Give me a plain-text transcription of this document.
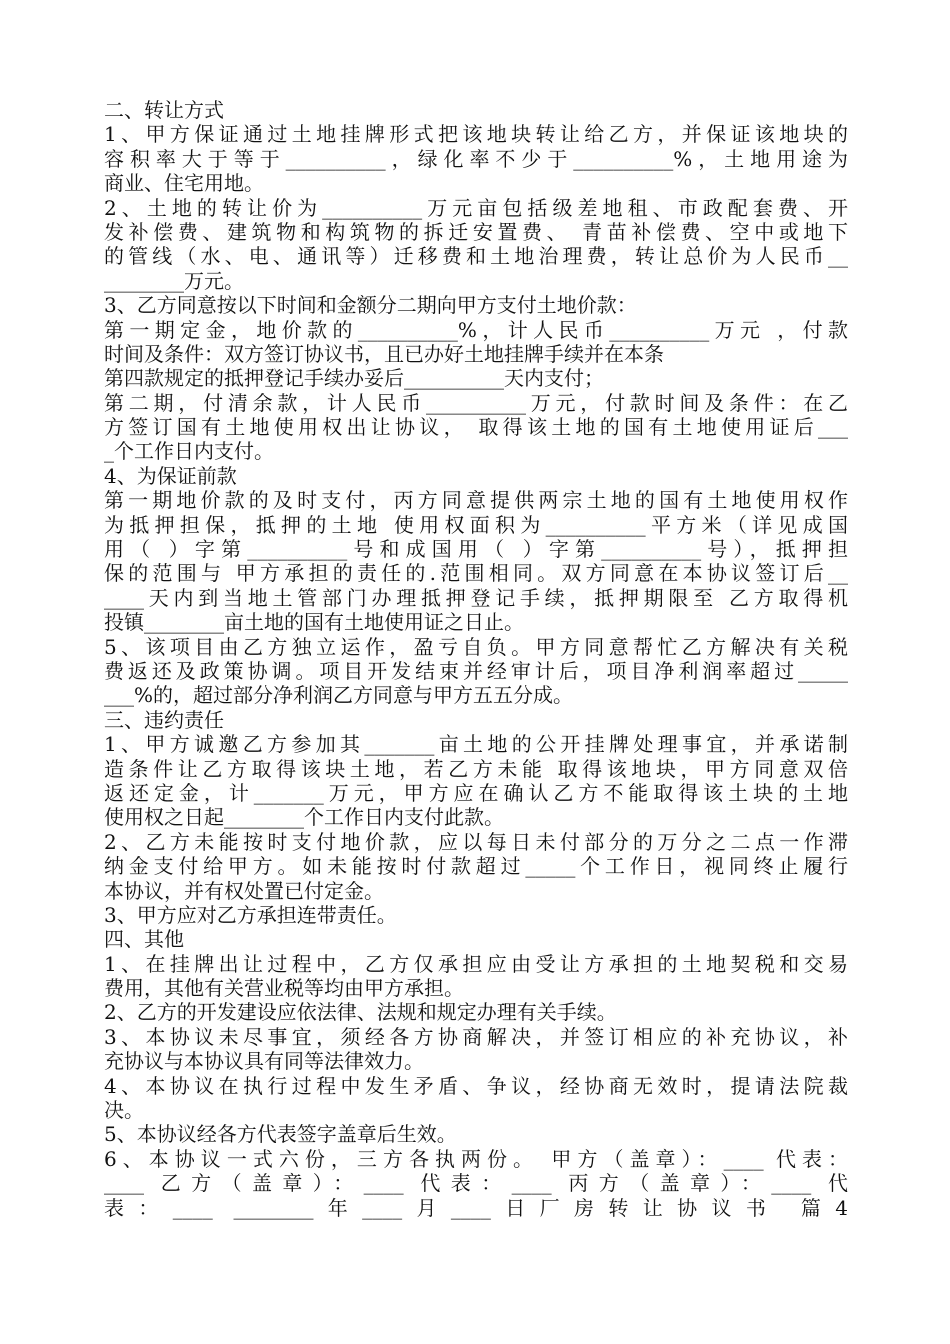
二、转让方式
1、甲方保证通过土地挂牌形式把该地块转让给乙方，并保证该地块的
容积率大于等于__________，绿化率不少于__________%，土地用途为
商业、住宅用地。
2、土地的转让价为__________万元亩包括级差地租、市政配套费、开
发补偿费、建筑物和构筑物的拆迁安置费、 青苗补偿费、空中或地下
的管线（水、电、通讯等）迁移费和土地治理费，转让总价为人民币__
________万元。
3、乙方同意按以下时间和金额分二期向甲方支付土地价款：
第一期定金，地价款的__________%，计人民币__________万元 ，付款
时间及条件：双方签订协议书，且已办好土地挂牌手续并在本条
第四款规定的抵押登记手续办妥后__________天内支付；
第二期，付清余款，计人民币__________万元，付款时间及条件：在乙
方签订国有土地使用权出让协议， 取得该土地的国有土地使用证后___
_个工作日内支付。
4、为保证前款
第一期地价款的及时支付，丙方同意提供两宗土地的国有土地使用权作
为抵押担保，抵押的土地 使用权面积为__________平方米（详见成国
用（ ）字第__________号和成国用（ ）字第__________号），抵押担
保的范围与 甲方承担的责任的.范围相同。双方同意在本协议签订后__
____天内到当地土管部门办理抵押登记手续，抵押期限至 乙方取得机
投镇________亩土地的国有土地使用证之日止。
5、该项目由乙方独立运作，盈亏自负。甲方同意帮忙乙方解决有关税
费返还及政策协调。项目开发结束并经审计后，项目净利润率超过_____
___%的，超过部分净利润乙方同意与甲方五五分成。
三、违约责任
1、甲方诚邀乙方参加其_______亩土地的公开挂牌处理事宜，并承诺制
造条件让乙方取得该块土地，若乙方未能 取得该地块，甲方同意双倍
返还定金，计_______万元，甲方应在确认乙方不能取得该土块的土地
使用权之日起________个工作日内支付此款。
2、乙方未能按时支付地价款，应以每日未付部分的万分之二点一作滞
纳金支付给甲方。如未能按时付款超过_____个工作日，视同终止履行
本协议，并有权处置已付定金。
3、甲方应对乙方承担连带责任。
四、其他
1、在挂牌出让过程中，乙方仅承担应由受让方承担的土地契税和交易
费用，其他有关营业税等均由甲方承担。
2、乙方的开发建设应依法律、法规和规定办理有关手续。
3、本协议未尽事宜，须经各方协商解决，并签订相应的补充协议，补
充协议与本协议具有同等法律效力。
4、本协议在执行过程中发生矛盾、争议，经协商无效时，提请法院裁
决。
5、本协议经各方代表签字盖章后生效。
6、本协议一式六份，三方各执两份。 甲方（盖章）：____ 代表：
____ 乙方（盖章）：____ 代表：____ 丙方（盖章）：____ 代
表：____ ________年____月____日厂房转让协议书 篇4
